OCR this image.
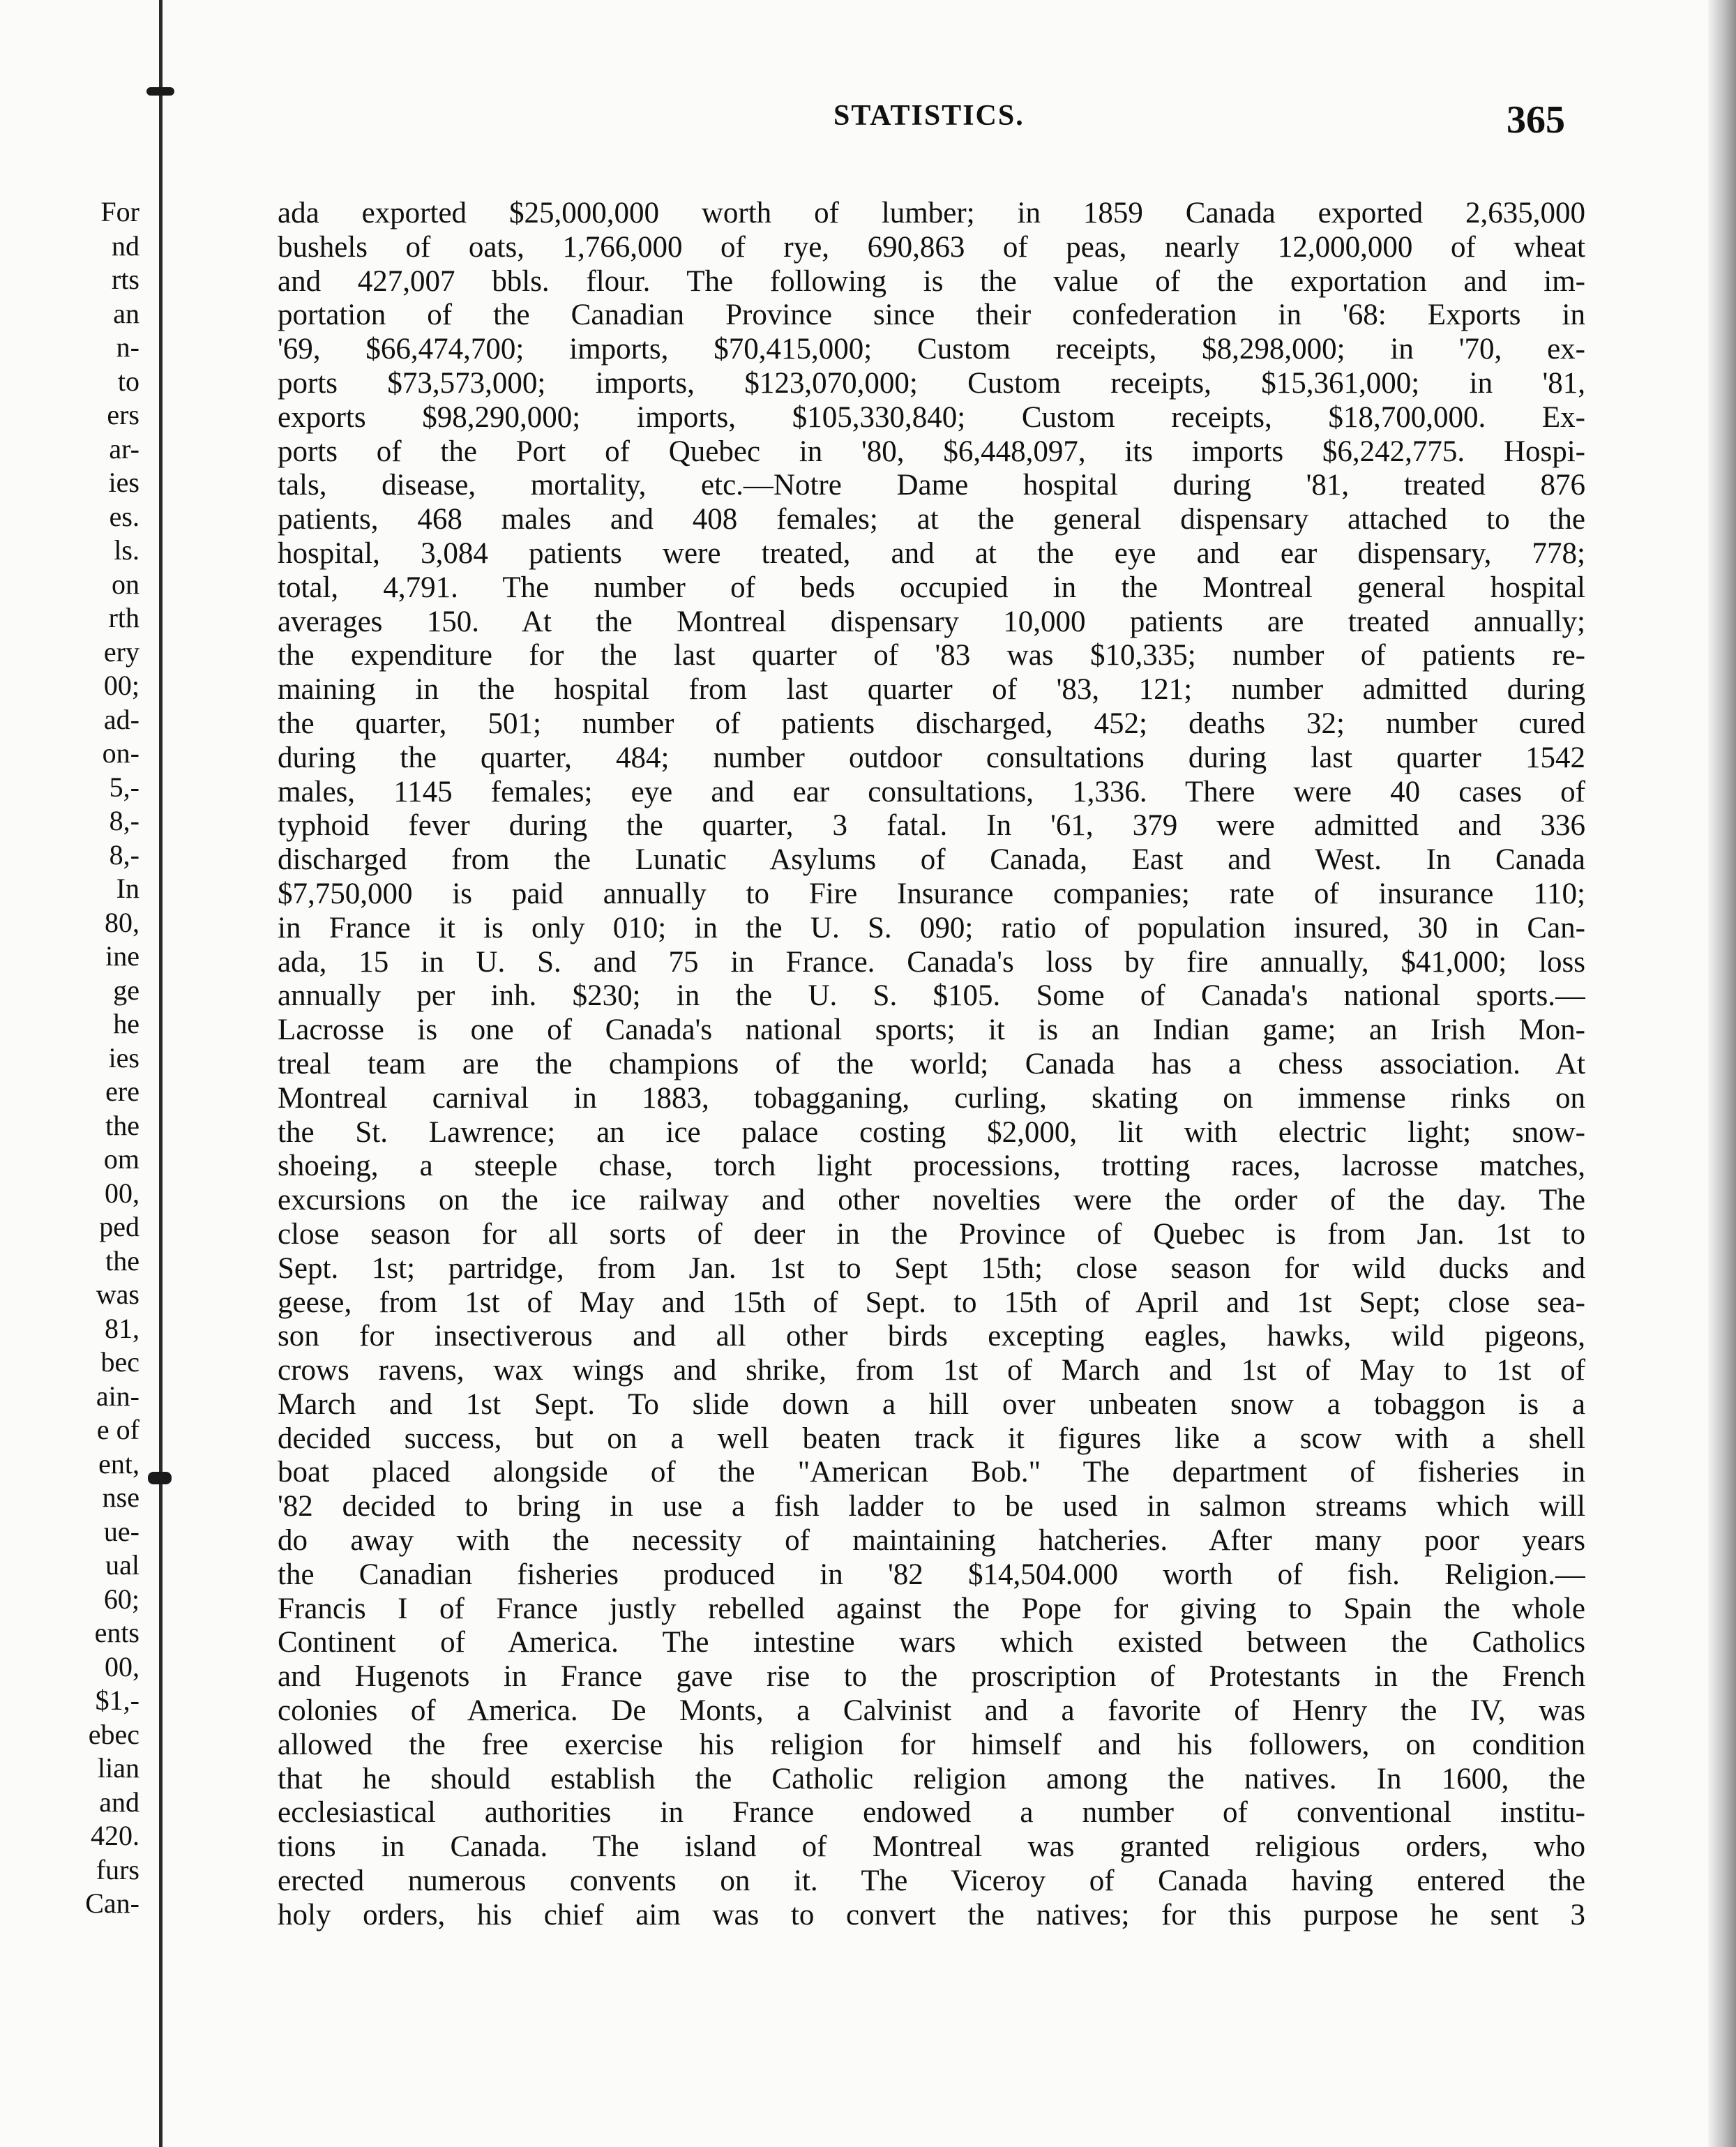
For
nd
rts
an
n-
to
ers
ar-
ies
es.
ls.
on
rth
ery
00;
ad-
on-
5,-
8,-
8,-
In
80,
ine
ge
he
ies
ere
the
om
00,
ped
the
was
81,
bec
ain-
e of
ent,
nse
ue-
ual
60;
ents
00,
$1,-
ebec
lian
and
420.
furs
Can-
STATISTICS.	365
ada exported $25,000,000 worth of lumber; in 1859 Canada exported 2,635,000
bushels of oats, 1,766,000 of rye, 690,863 of peas, nearly 12,000,000 of wheat
and 427,007 bbls. flour. The following is the value of the exportation and im-
portation of the Canadian Province since their confederation in '68: Exports in
'69, $66,474,700; imports, $70,415,000; Custom receipts, $8,298,000; in '70, ex-
ports $73,573,000; imports, $123,070,000; Custom receipts, $15,361,000; in '81,
exports $98,290,000; imports, $105,330,840; Custom receipts, $18,700,000. Ex-
ports of the Port of Quebec in '80, $6,448,097, its imports $6,242,775. Hospi-
tals, disease, mortality, etc.—Notre Dame hospital during '81, treated 876
patients, 468 males and 408 females; at the general dispensary attached to the
hospital, 3,084 patients were treated, and at the eye and ear dispensary, 778;
total, 4,791. The number of beds occupied in the Montreal general hospital
averages 150. At the Montreal dispensary 10,000 patients are treated annually;
the expenditure for the last quarter of '83 was $10,335; number of patients re-
maining in the hospital from last quarter of '83, 121; number admitted during
the quarter, 501; number of patients discharged, 452; deaths 32; number cured
during the quarter, 484; number outdoor consultations during last quarter 1542
males, 1145 females; eye and ear consultations, 1,336. There were 40 cases of
typhoid fever during the quarter, 3 fatal. In '61, 379 were admitted and 336
discharged from the Lunatic Asylums of Canada, East and West. In Canada
$7,750,000 is paid annually to Fire Insurance companies; rate of insurance 110;
in France it is only 010; in the U. S. 090; ratio of population insured, 30 in Can-
ada, 15 in U. S. and 75 in France. Canada's loss by fire annually, $41,000; loss
annually per inh. $230; in the U. S. $105. Some of Canada's national sports.—
Lacrosse is one of Canada's national sports; it is an Indian game; an Irish Mon-
treal team are the champions of the world; Canada has a chess association. At
Montreal carnival in 1883, tobagganing, curling, skating on immense rinks on
the St. Lawrence; an ice palace costing $2,000, lit with electric light; snow-
shoeing, a steeple chase, torch light processions, trotting races, lacrosse matches,
excursions on the ice railway and other novelties were the order of the day. The
close season for all sorts of deer in the Province of Quebec is from Jan. 1st to
Sept. 1st; partridge, from Jan. 1st to Sept 15th; close season for wild ducks and
geese, from 1st of May and 15th of Sept. to 15th of April and 1st Sept; close sea-
son for insectiverous and all other birds excepting eagles, hawks, wild pigeons,
crows ravens, wax wings and shrike, from 1st of March and 1st of May to 1st of
March and 1st Sept. To slide down a hill over unbeaten snow a tobaggon is a
decided success, but on a well beaten track it figures like a scow with a shell
boat placed alongside of the "American Bob." The department of fisheries in
'82 decided to bring in use a fish ladder to be used in salmon streams which will
do away with the necessity of maintaining hatcheries. After many poor years
the Canadian fisheries produced in '82 $14,504.000 worth of fish. Religion.—
Francis I of France justly rebelled against the Pope for giving to Spain the whole
Continent of America. The intestine wars which existed between the Catholics
and Hugenots in France gave rise to the proscription of Protestants in the French
colonies of America. De Monts, a Calvinist and a favorite of Henry the IV, was
allowed the free exercise his religion for himself and his followers, on condition
that he should establish the Catholic religion among the natives. In 1600, the
ecclesiastical authorities in France endowed a number of conventional institu-
tions in Canada. The island of Montreal was granted religious orders, who
erected numerous convents on it. The Viceroy of Canada having entered the
holy orders, his chief aim was to convert the natives; for this purpose he sent 3
